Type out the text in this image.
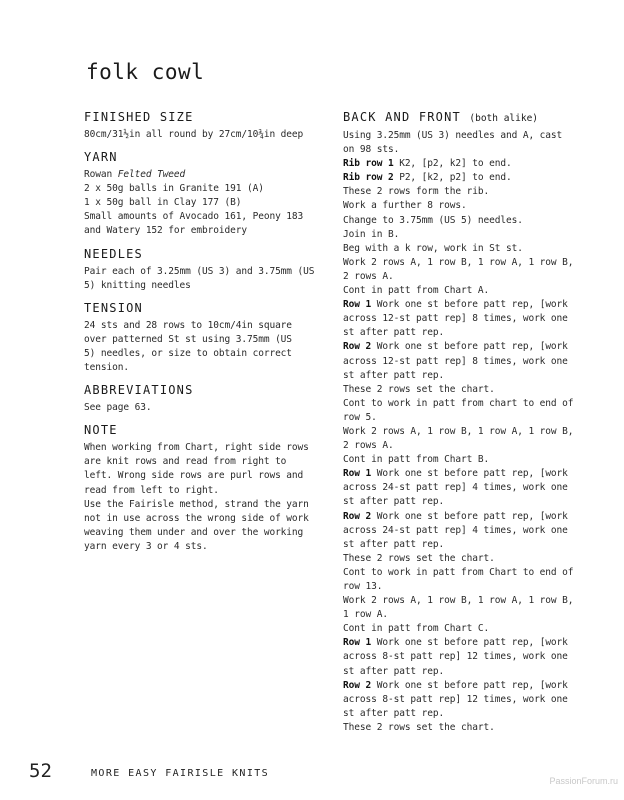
folk cowl
FINISHED SIZE

80cm/31½in all round by 27cm/10¾in deep

YARN

Rowan Felted Tweed

2 x 50g balls in Granite 191 (A)

1 x 50g ball in Clay 177 (B)

Small amounts of Avocado 161, Peony 183

and Watery 152 for embroidery

NEEDLES

Pair each of 3.25mm (US 3) and 3.75mm (US

5) knitting needles

TENSION

24 sts and 28 rows to 10cm/4in square

over patterned St st using 3.75mm (US

5) needles, or size to obtain correct

tension.

ABBREVIATIONS

See page 63.

NOTE

When working from Chart, right side rows

are knit rows and read from right to

left. Wrong side rows are purl rows and

read from left to right.

Use the Fairisle method, strand the yarn

not in use across the wrong side of work

weaving them under and over the working

yarn every 3 or 4 sts.

BACK AND FRONT (both alike)

Using 3.25mm (US 3) needles and A, cast

on 98 sts.

Rib row 1 K2, [p2, k2] to end.

Rib row 2 P2, [k2, p2] to end.

These 2 rows form the rib.

Work a further 8 rows.

Change to 3.75mm (US 5) needles.

Join in B.

Beg with a k row, work in St st.

Work 2 rows A, 1 row B, 1 row A, 1 row B,

2 rows A.

Cont in patt from Chart A.

Row 1 Work one st before patt rep, [work

across 12-st patt rep] 8 times, work one

st after patt rep.

Row 2 Work one st before patt rep, [work

across 12-st patt rep] 8 times, work one

st after patt rep.

These 2 rows set the chart.

Cont to work in patt from chart to end of

row 5.

Work 2 rows A, 1 row B, 1 row A, 1 row B,

2 rows A.

Cont in patt from Chart B.

Row 1 Work one st before patt rep, [work

across 24-st patt rep] 4 times, work one

st after patt rep.

Row 2 Work one st before patt rep, [work

across 24-st patt rep] 4 times, work one

st after patt rep.

These 2 rows set the chart.

Cont to work in patt from Chart to end of

row 13.

Work 2 rows A, 1 row B, 1 row A, 1 row B,

1 row A.

Cont in patt from Chart C.

Row 1 Work one st before patt rep, [work

across 8-st patt rep] 12 times, work one

st after patt rep.

Row 2 Work one st before patt rep, [work

across 8-st patt rep] 12 times, work one

st after patt rep.

These 2 rows set the chart.

52	MORE EASY FAIRISLE KNITS
PassionForum.ru
